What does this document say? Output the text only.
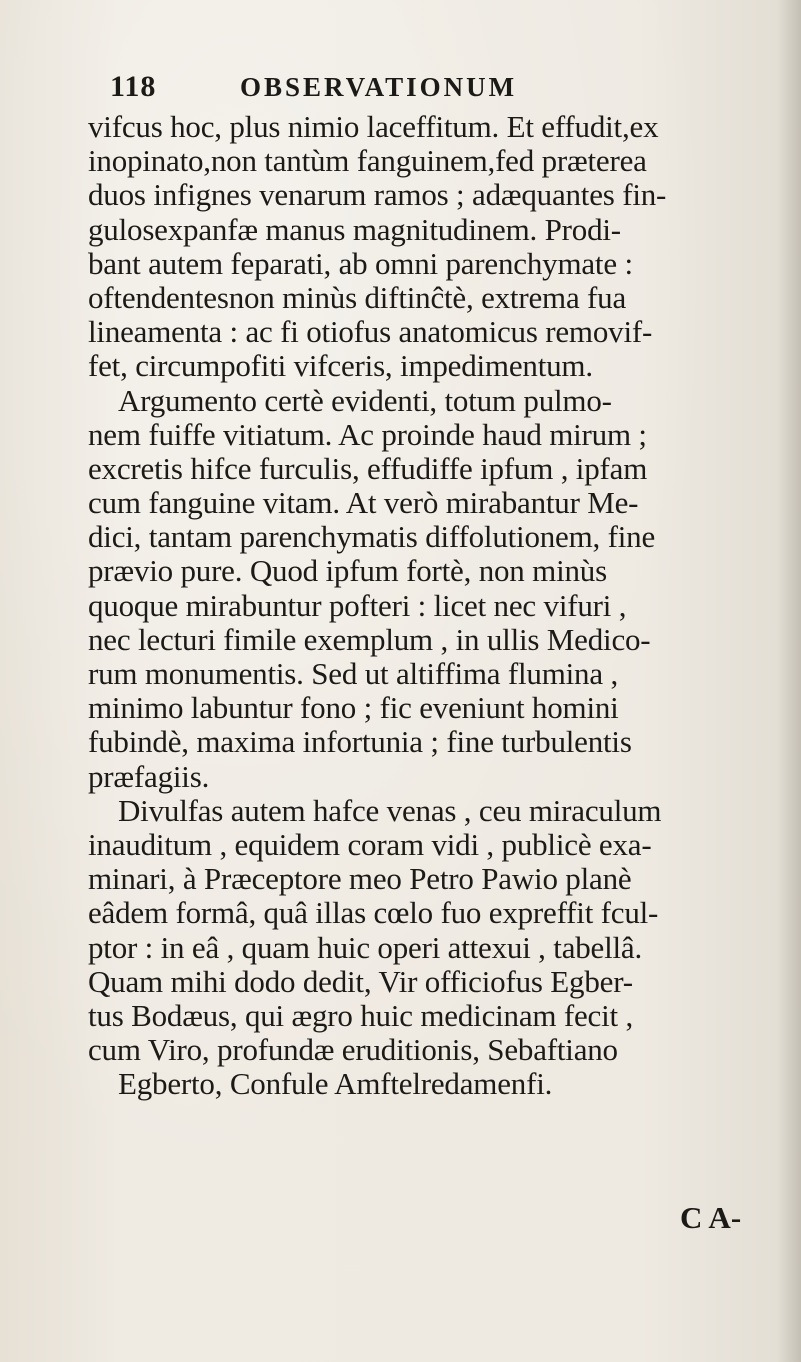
118	OBSERVATIONUM
vifcus hoc, plus nimio laceffitum. Et effudit,ex
inopinato,non tantùm fanguinem,fed præterea
duos infignes venarum ramos ; adæquantes fin-
gulosexpanfæ manus magnitudinem. Prodi-
bant autem feparati, ab omni parenchymate :
oftendentesnon minùs diftinĉtè, extrema fua
lineamenta : ac fi otiofus anatomicus removif-
fet, circumpofiti vifceris, impedimentum.
Argumento certè evidenti, totum pulmo-
nem fuiffe vitiatum. Ac proinde haud mirum ;
excretis hifce furculis, effudiffe ipfum , ipfam
cum fanguine vitam. At verò mirabantur Me-
dici, tantam parenchymatis diffolutionem, fine
prævio pure. Quod ipfum fortè, non minùs
quoque mirabuntur pofteri : licet nec vifuri ,
nec lecturi fimile exemplum , in ullis Medico-
rum monumentis. Sed ut altiffima flumina ,
minimo labuntur fono ; fic eveniunt homini
fubindè, maxima infortunia ; fine turbulentis
præfagiis.
Divulfas autem hafce venas , ceu miraculum
inauditum , equidem coram vidi , publicè exa-
minari, à Præceptore meo Petro Pawio planè
eâdem formâ, quâ illas cœlo fuo expreffit fcul-
ptor : in eâ , quam huic operi attexui , tabellâ.
Quam mihi dodo dedit, Vir officiofus Egber-
tus Bodæus, qui ægro huic medicinam fecit ,
cum Viro, profundæ eruditionis, Sebaftiano
Egberto, Confule Amftelredamenfi.
C A-
